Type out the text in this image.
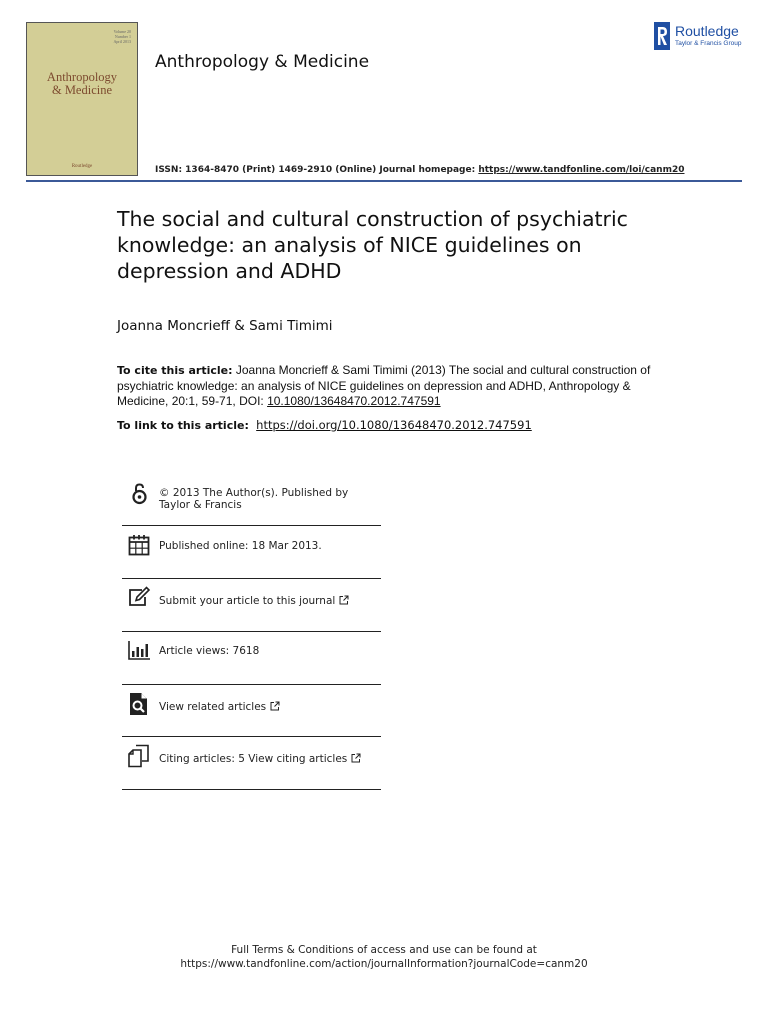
Volume 20
Number 1
April 2013
Anthropology
& Medicine
Routledge
Anthropology & Medicine
Routledge
Taylor & Francis Group
ISSN: 1364-8470 (Print) 1469-2910 (Online) Journal homepage: https://www.tandfonline.com/loi/canm20
The social and cultural construction of psychiatric knowledge: an analysis of NICE guidelines on depression and ADHD
Joanna Moncrieff & Sami Timimi
To cite this article: Joanna Moncrieff & Sami Timimi (2013) The social and cultural construction of psychiatric knowledge: an analysis of NICE guidelines on depression and ADHD, Anthropology & Medicine, 20:1, 59-71, DOI: 10.1080/13648470.2012.747591
To link to this article: https://doi.org/10.1080/13648470.2012.747591
© 2013 The Author(s). Published by Taylor & Francis
Published online: 18 Mar 2013.
Submit your article to this journal
Article views: 7618
View related articles
Citing articles: 5 View citing articles
Full Terms & Conditions of access and use can be found at
https://www.tandfonline.com/action/journalInformation?journalCode=canm20
